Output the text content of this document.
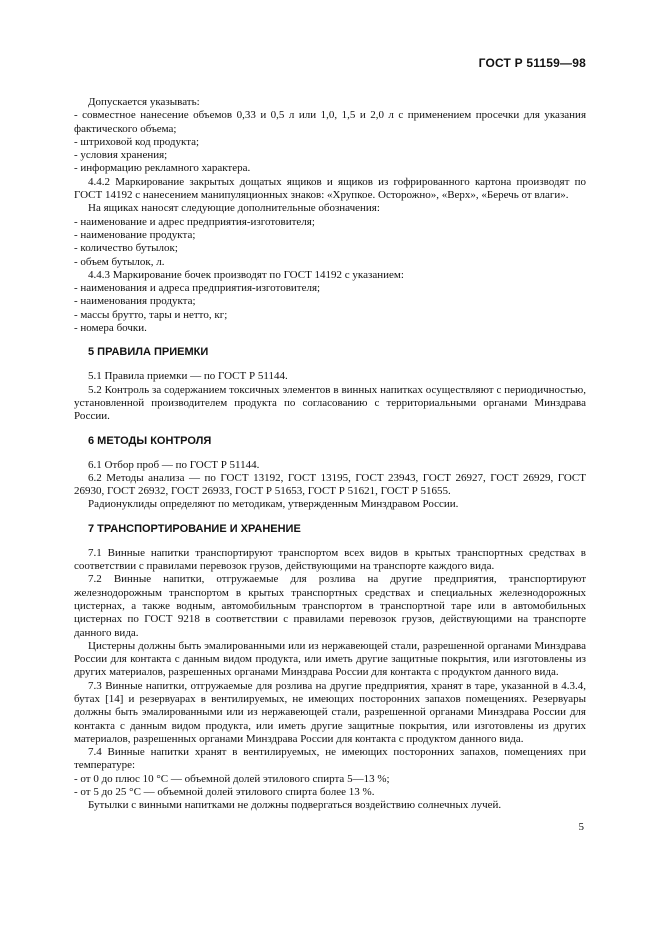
ГОСТ Р 51159—98

Допускается указывать:

- совместное нанесение объемов 0,33 и 0,5 л или 1,0, 1,5 и 2,0 л с применением просечки для указания фактического объема;

- штриховой код продукта;

- условия хранения;

- информацию рекламного характера.

4.4.2 Маркирование закрытых дощатых ящиков и ящиков из гофрированного картона производят по ГОСТ 14192 с нанесением манипуляционных знаков: «Хрупкое. Осторожно», «Верх», «Беречь от влаги».

На ящиках наносят следующие дополнительные обозначения:

- наименование и адрес предприятия-изготовителя;

- наименование продукта;

- количество бутылок;

- объем бутылок, л.

4.4.3 Маркирование бочек производят по ГОСТ 14192 с указанием:

- наименования и адреса предприятия-изготовителя;

- наименования продукта;

- массы брутто, тары и нетто, кг;

- номера бочки.

5 ПРАВИЛА ПРИЕМКИ

5.1 Правила приемки — по ГОСТ Р 51144.

5.2 Контроль за содержанием токсичных элементов в винных напитках осуществляют с периодичностью, установленной производителем продукта по согласованию с территориальными органами Минздрава России.

6 МЕТОДЫ КОНТРОЛЯ

6.1 Отбор проб — по ГОСТ Р 51144.

6.2 Методы анализа — по ГОСТ 13192, ГОСТ 13195, ГОСТ 23943, ГОСТ 26927, ГОСТ 26929, ГОСТ 26930, ГОСТ 26932, ГОСТ 26933, ГОСТ Р 51653, ГОСТ Р 51621, ГОСТ Р 51655.

Радионуклиды определяют по методикам, утвержденным Минздравом России.

7 ТРАНСПОРТИРОВАНИЕ И ХРАНЕНИЕ

7.1 Винные напитки транспортируют транспортом всех видов в крытых транспортных средствах в соответствии с правилами перевозок грузов, действующими на транспорте каждого вида.

7.2 Винные напитки, отгружаемые для розлива на другие предприятия, транспортируют железнодорожным транспортом в крытых транспортных средствах и специальных железнодорожных цистернах, а также водным, автомобильным транспортом в транспортной таре или в автомобильных цистернах по ГОСТ 9218 в соответствии с правилами перевозок грузов, действующими на транспорте данного вида.

Цистерны должны быть эмалированными или из нержавеющей стали, разрешенной органами Минздрава России для контакта с данным видом продукта, или иметь другие защитные покрытия, или изготовлены из других материалов, разрешенных органами Минздрава России для контакта с продуктом данного вида.

7.3 Винные напитки, отгружаемые для розлива на другие предприятия, хранят в таре, указанной в 4.3.4, бутах [14] и резервуарах в вентилируемых, не имеющих посторонних запахов помещениях. Резервуары должны быть эмалированными или из нержавеющей стали, разрешенной органами Минздрава России для контакта с данным видом продукта, или иметь другие защитные покрытия, или изготовлены из других материалов, разрешенных органами Минздрава России для контакта с продуктом данного вида.

7.4 Винные напитки хранят в вентилируемых, не имеющих посторонних запахов, помещениях при температуре:

- от 0 до плюс 10 °С — объемной долей этилового спирта 5—13 %;

- от 5 до 25 °С — объемной долей этилового спирта более 13 %.

Бутылки с винными напитками не должны подвергаться воздействию солнечных лучей.

5
